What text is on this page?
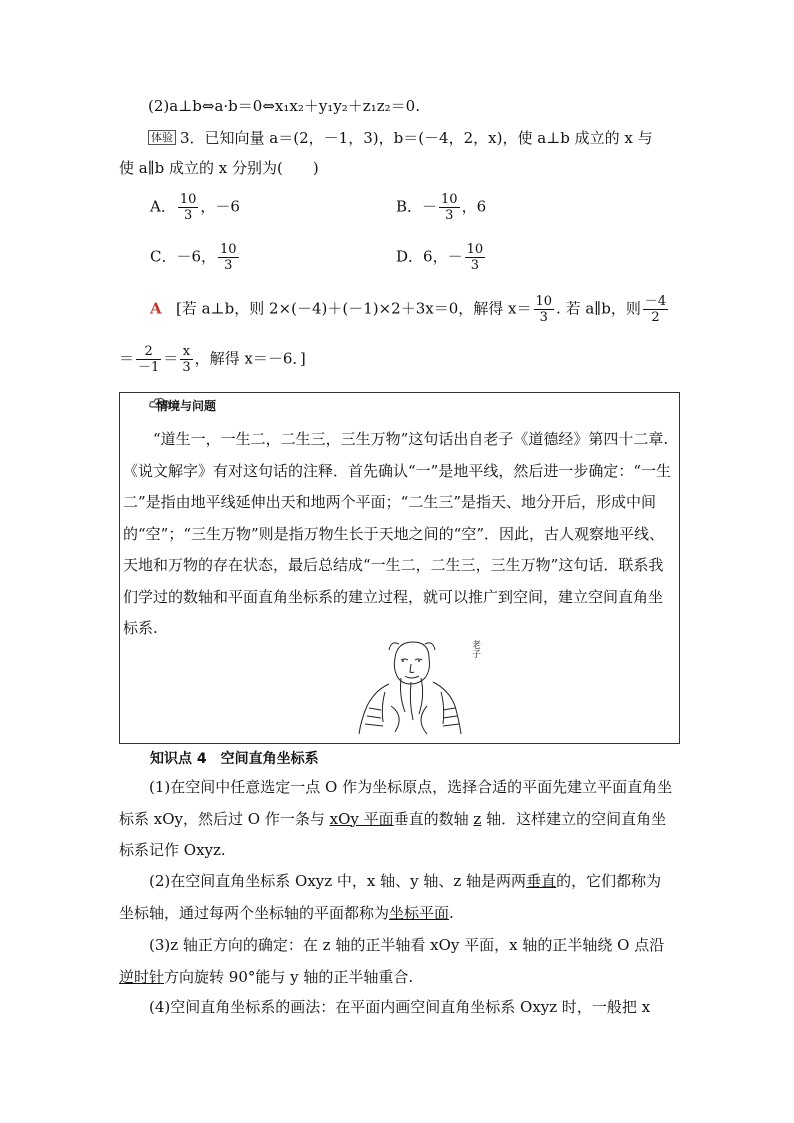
(2)a⊥b⇔a·b＝0⇔x₁x₂＋y₁y₂＋z₁z₂＝0.
体验 3．已知向量 a＝(2，－1，3)，b＝(－4，2，x)，使 a⊥b 成立的 x 与
使 a∥b 成立的 x 分别为(　　)
A． $\frac{10}{3}$ ，－6	B．－ $\frac{10}{3}$ ，6
C．－6， $\frac{10}{3}$	D．6，－ $\frac{10}{3}$
A [若 a⊥b，则 2×(－4)＋(－1)×2＋3x＝0，解得 $x= \frac{10}{3}$ . 若 a∥b，则 $\frac{-4}{2}$
＝ $\frac{2}{-1} = \frac{x}{3}$ ，解得 x＝－6．]
情境与问题
“道生一，一生二，二生三，三生万物”这句话出自老子《道德经》第四十二章.《说文解字》有对这句话的注释．首先确认“一”是地平线，然后进一步确定：“一生二”是指由地平线延伸出天和地两个平面；“二生三”是指天、地分开后，形成中间的“空”；“三生万物”则是指万物生长于天地之间的“空”．因此，古人观察地平线、天地和万物的存在状态，最后总结成“一生二，二生三，三生万物”这句话．联系我们学过的数轴和平面直角坐标系的建立过程，就可以推广到空间，建立空间直角坐标系.
老子
知识点 4　空间直角坐标系
(1)在空间中任意选定一点 O 作为坐标原点，选择合适的平面先建立平面直角坐标系 xOy，然后过 O 作一条与 xOy 平面垂直的数轴 z 轴．这样建立的空间直角坐标系记作 Oxyz.
(2)在空间直角坐标系 Oxyz 中，x 轴、y 轴、z 轴是两两垂直的，它们都称为坐标轴，通过每两个坐标轴的平面都称为坐标平面.
(3)z 轴正方向的确定：在 z 轴的正半轴看 xOy 平面，x 轴的正半轴绕 O 点沿逆时针方向旋转 90°能与 y 轴的正半轴重合.
(4)空间直角坐标系的画法：在平面内画空间直角坐标系 Oxyz 时，一般把 x
